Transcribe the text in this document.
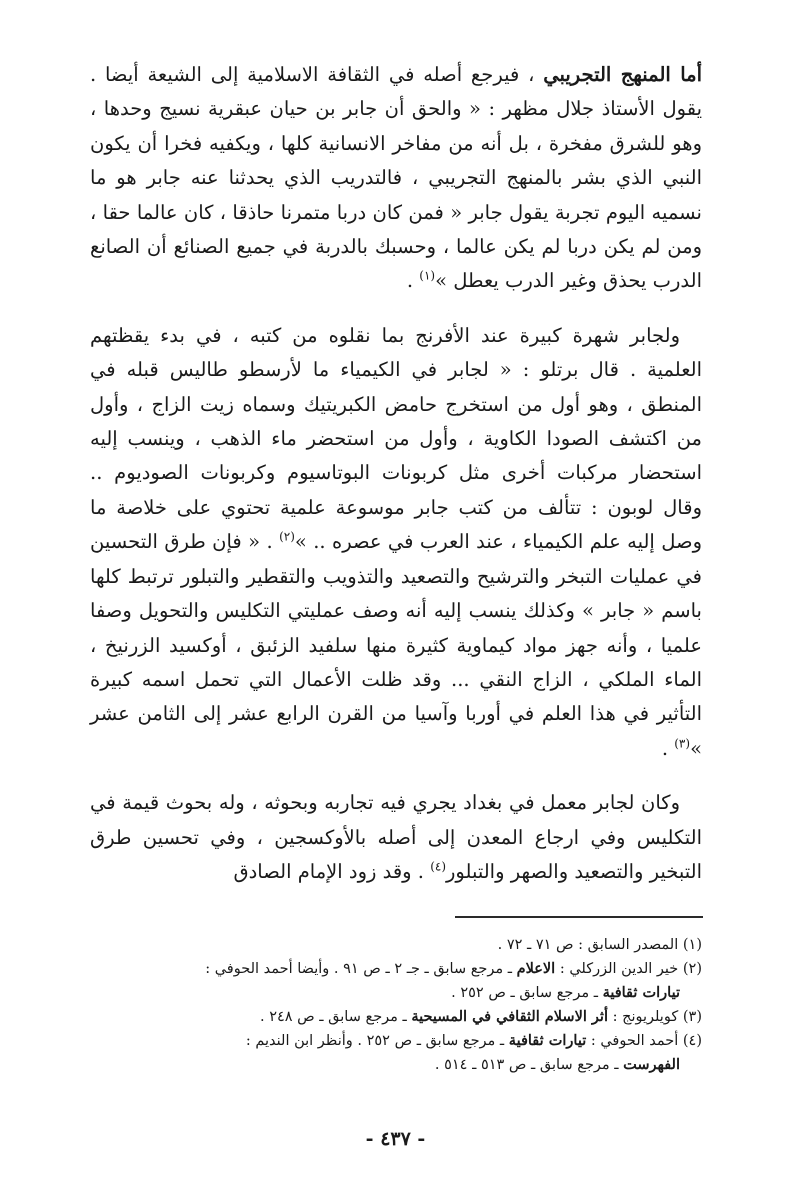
أما المنهج التجريبي ، فيرجع أصله في الثقافة الاسلامية إلى الشيعة أيضا . يقول الأستاذ جلال مظهر : « والحق أن جابر بن حيان عبقرية نسيج وحدها ، وهو للشرق مفخرة ، بل أنه من مفاخر الانسانية كلها ، ويكفيه فخرا أن يكون النبي الذي بشر بالمنهج التجريبي ، فالتدريب الذي يحدثنا عنه جابر هو ما نسميه اليوم تجربة يقول جابر « فمن كان دربا متمرنا حاذقا ، كان عالما حقا ، ومن لم يكن دربا لم يكن عالما ، وحسبك بالدربة في جميع الصنائع أن الصانع الدرب يحذق وغير الدرب يعطل »$^{(١)}$ .

ولجابر شهرة كبيرة عند الأفرنج بما نقلوه من كتبه ، في بدء يقظتهم العلمية . قال برتلو : « لجابر في الكيمياء ما لأرسطو طاليس قبله في المنطق ، وهو أول من استخرج حامض الكبريتيك وسماه زيت الزاج ، وأول من اكتشف الصودا الكاوية ، وأول من استحضر ماء الذهب ، وينسب إليه استحضار مركبات أخرى مثل كربونات البوتاسيوم وكربونات الصوديوم .. وقال لوبون : تتألف من كتب جابر موسوعة علمية تحتوي على خلاصة ما وصل إليه علم الكيمياء ، عند العرب في عصره .. »$^{(٢)}$ . « فإن طرق التحسين في عمليات التبخر والترشيح والتصعيد والتذويب والتقطير والتبلور ترتبط كلها باسم « جابر » وكذلك ينسب إليه أنه وصف عمليتي التكليس والتحويل وصفا علميا ، وأنه جهز مواد كيماوية كثيرة منها سلفيد الزئبق ، أوكسيد الزرنيخ ، الماء الملكي ، الزاج النقي ... وقد ظلت الأعمال التي تحمل اسمه كبيرة التأثير في هذا العلم في أوربا وآسيا من القرن الرابع عشر إلى الثامن عشر »$^{(٣)}$ .

وكان لجابر معمل في بغداد يجري فيه تجاربه وبحوثه ، وله بحوث قيمة في التكليس وفي ارجاع المعدن إلى أصله بالأوكسجين ، وفي تحسين طرق التبخير والتصعيد والصهر والتبلور$^{(٤)}$ . وقد زود الإمام الصادق

(١) المصدر السابق : ص ٧١ ـ ٧٢ .

(٢) خير الدين الزركلي : الاعلام ـ مرجع سابق ـ جـ ٢ ـ ص ٩١ . وأيضا أحمد الحوفي :

تيارات ثقافية ـ مرجع سابق ـ ص ٢٥٢ .

(٣) كويلريونج : أثر الاسلام الثقافي في المسيحية ـ مرجع سابق ـ ص ٢٤٨ .

(٤) أحمد الحوفي : تيارات ثقافية ـ مرجع سابق ـ ص ٢٥٢ . وأنظر ابن النديم :

الفهرست ـ مرجع سابق ـ ص ٥١٣ ـ ٥١٤ .

- ٤٣٧ -
